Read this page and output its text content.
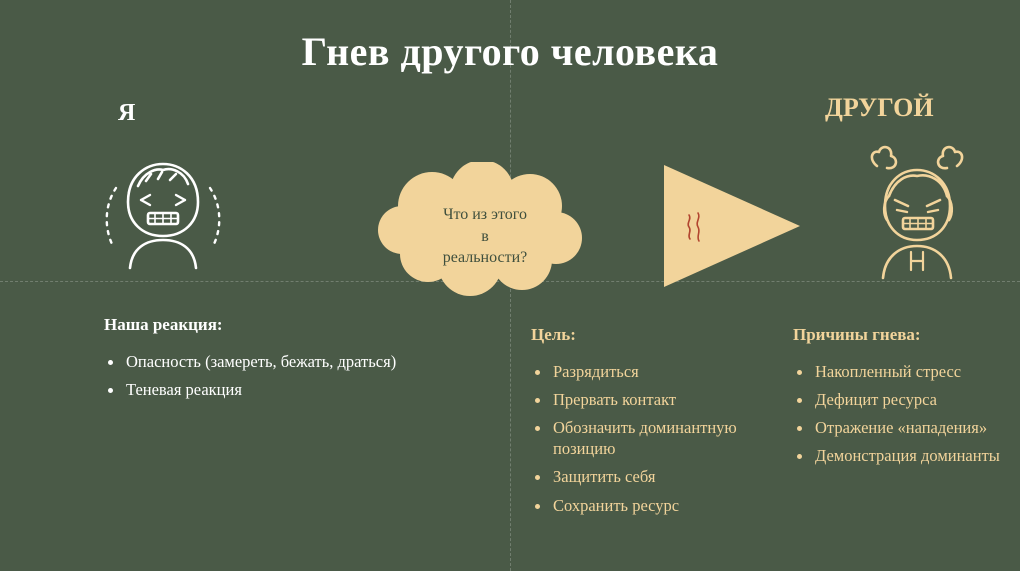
Гнев другого человека
Я	ДРУГОЙ
Что из этого
в
реальности?
Наша реакция:
Опасность (замереть, бежать, драться)
Теневая реакция
Цель:
Разрядиться
Прервать контакт
Обозначить доминантную позицию
Защитить себя
Сохранить ресурс
Причины гнева:
Накопленный стресс
Дефицит ресурса
Отражение «нападения»
Демонстрация доминанты
